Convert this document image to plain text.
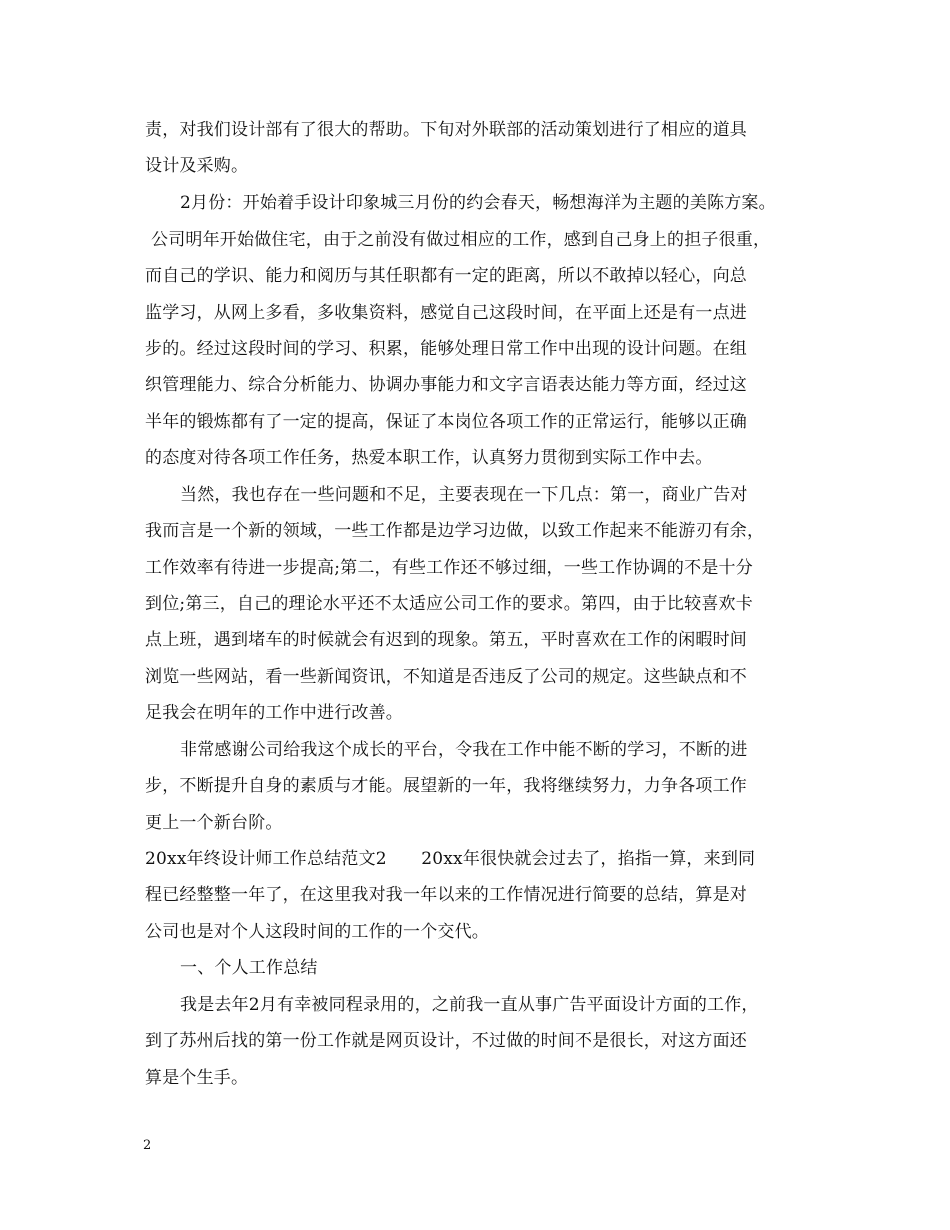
责，对我们设计部有了很大的帮助。下旬对外联部的活动策划进行了相应的道具
设计及采购。
2月份：开始着手设计印象城三月份的约会春天，畅想海洋为主题的美陈方案。
公司明年开始做住宅，由于之前没有做过相应的工作，感到自己身上的担子很重，
而自己的学识、能力和阅历与其任职都有一定的距离，所以不敢掉以轻心，向总
监学习，从网上多看，多收集资料，感觉自己这段时间，在平面上还是有一点进
步的。经过这段时间的学习、积累，能够处理日常工作中出现的设计问题。在组
织管理能力、综合分析能力、协调办事能力和文字言语表达能力等方面，经过这
半年的锻炼都有了一定的提高，保证了本岗位各项工作的正常运行，能够以正确
的态度对待各项工作任务，热爱本职工作，认真努力贯彻到实际工作中去。
当然，我也存在一些问题和不足，主要表现在一下几点：第一，商业广告对
我而言是一个新的领域，一些工作都是边学习边做，以致工作起来不能游刃有余，
工作效率有待进一步提高;第二，有些工作还不够过细，一些工作协调的不是十分
到位;第三，自己的理论水平还不太适应公司工作的要求。第四，由于比较喜欢卡
点上班，遇到堵车的时候就会有迟到的现象。第五，平时喜欢在工作的闲暇时间
浏览一些网站，看一些新闻资讯，不知道是否违反了公司的规定。这些缺点和不
足我会在明年的工作中进行改善。
非常感谢公司给我这个成长的平台，令我在工作中能不断的学习，不断的进
步，不断提升自身的素质与才能。展望新的一年，我将继续努力，力争各项工作
更上一个新台阶。
20xx年终设计师工作总结范文2　　20xx年很快就会过去了，掐指一算，来到同
程已经整整一年了，在这里我对我一年以来的工作情况进行简要的总结，算是对
公司也是对个人这段时间的工作的一个交代。
一、个人工作总结
我是去年2月有幸被同程录用的，之前我一直从事广告平面设计方面的工作，
到了苏州后找的第一份工作就是网页设计，不过做的时间不是很长，对这方面还
算是个生手。
2
